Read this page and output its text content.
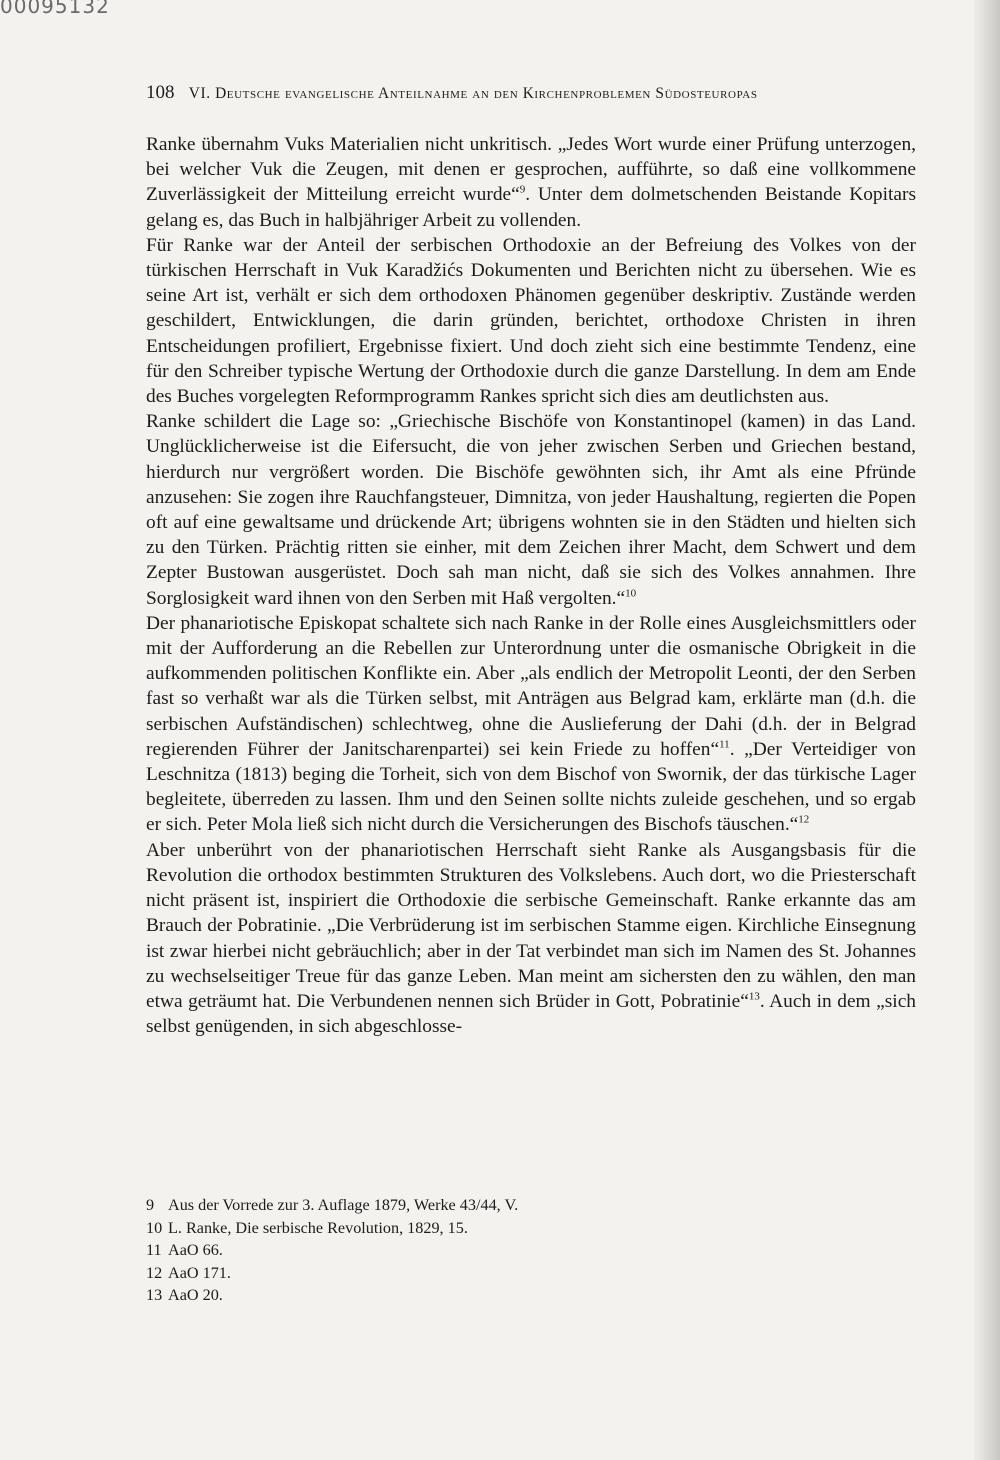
00095132
108 VI. Deutsche evangelische Anteilnahme an den Kirchenproblemen Südosteuropas

Ranke übernahm Vuks Materialien nicht unkritisch. „Jedes Wort wurde einer Prüfung unterzogen, bei welcher Vuk die Zeugen, mit denen er gesprochen, aufführte, so daß eine vollkommene Zuverlässigkeit der Mitteilung erreicht wurde“$^9$. Unter dem dolmetschenden Beistande Kopitars gelang es, das Buch in halbjähriger Arbeit zu vollenden.

Für Ranke war der Anteil der serbischen Orthodoxie an der Befreiung des Volkes von der türkischen Herrschaft in Vuk Karadžićs Dokumenten und Berichten nicht zu übersehen. Wie es seine Art ist, verhält er sich dem orthodoxen Phänomen gegenüber deskriptiv. Zustände werden geschildert, Entwicklungen, die darin gründen, berichtet, orthodoxe Christen in ihren Entscheidungen profiliert, Ergebnisse fixiert. Und doch zieht sich eine bestimmte Tendenz, eine für den Schreiber typische Wertung der Orthodoxie durch die ganze Darstellung. In dem am Ende des Buches vorgelegten Reformprogramm Rankes spricht sich dies am deutlichsten aus.

Ranke schildert die Lage so: „Griechische Bischöfe von Konstantinopel (kamen) in das Land. Unglücklicherweise ist die Eifersucht, die von jeher zwischen Serben und Griechen bestand, hierdurch nur vergrößert worden. Die Bischöfe gewöhnten sich, ihr Amt als eine Pfründe anzusehen: Sie zogen ihre Rauchfangsteuer, Dimnitza, von jeder Haushaltung, regierten die Popen oft auf eine gewaltsame und drückende Art; übrigens wohnten sie in den Städten und hielten sich zu den Türken. Prächtig ritten sie einher, mit dem Zeichen ihrer Macht, dem Schwert und dem Zepter Bustowan ausgerüstet. Doch sah man nicht, daß sie sich des Volkes annahmen. Ihre Sorglosigkeit ward ihnen von den Serben mit Haß vergolten.“$^{10}$

Der phanariotische Episkopat schaltete sich nach Ranke in der Rolle eines Ausgleichsmittlers oder mit der Aufforderung an die Rebellen zur Unterordnung unter die osmanische Obrigkeit in die aufkommenden politischen Konflikte ein. Aber „als endlich der Metropolit Leonti, der den Serben fast so verhaßt war als die Türken selbst, mit Anträgen aus Belgrad kam, erklärte man (d.h. die serbischen Aufständischen) schlechtweg, ohne die Auslieferung der Dahi (d.h. der in Belgrad regierenden Führer der Janitscharenpartei) sei kein Friede zu hoffen“$^{11}$. „Der Verteidiger von Leschnitza (1813) beging die Torheit, sich von dem Bischof von Swornik, der das türkische Lager begleitete, überreden zu lassen. Ihm und den Seinen sollte nichts zuleide geschehen, und so ergab er sich. Peter Mola ließ sich nicht durch die Versicherungen des Bischofs täuschen.“$^{12}$

Aber unberührt von der phanariotischen Herrschaft sieht Ranke als Ausgangsbasis für die Revolution die orthodox bestimmten Strukturen des Volkslebens. Auch dort, wo die Priesterschaft nicht präsent ist, inspiriert die Orthodoxie die serbische Gemeinschaft. Ranke erkannte das am Brauch der Pobratinie. „Die Verbrüderung ist im serbischen Stamme eigen. Kirchliche Einsegnung ist zwar hierbei nicht gebräuchlich; aber in der Tat verbindet man sich im Namen des St. Johannes zu wechselseitiger Treue für das ganze Leben. Man meint am sichersten den zu wählen, den man etwa geträumt hat. Die Verbundenen nennen sich Brüder in Gott, Pobratinie“$^{13}$. Auch in dem „sich selbst genügenden, in sich abgeschlosse-

9 Aus der Vorrede zur 3. Auflage 1879, Werke 43/44, V.
10 L. Ranke, Die serbische Revolution, 1829, 15.
11 AaO 66.
12 AaO 171.
13 AaO 20.
